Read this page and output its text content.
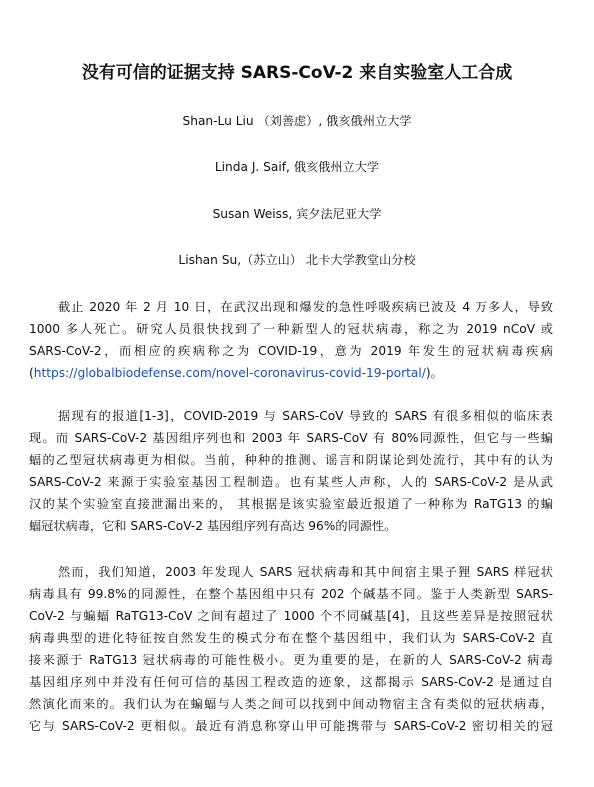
没有可信的证据支持 SARS-CoV-2 来自实验室人工合成
Shan-Lu Liu （刘善虑）, 俄亥俄州立大学
Linda J. Saif, 俄亥俄州立大学
Susan Weiss, 宾夕法尼亚大学
Lishan Su,（苏立山） 北卡大学教堂山分校
截止 2020 年 2 月 10 日，在武汉出现和爆发的急性呼吸疾病已波及 4 万多人，导致
1000 多人死亡。研究人员很快找到了一种新型人的冠状病毒，称之为 2019 nCoV 或
SARS-CoV-2，而相应的疾病称之为 COVID-19，意为 2019 年发生的冠状病毒疾病
(https://globalbiodefense.com/novel-coronavirus-covid-19-portal/)。
据现有的报道[1-3]，COVID-2019 与 SARS-CoV 导致的 SARS 有很多相似的临床表
现。而 SARS-CoV-2 基因组序列也和 2003 年 SARS-CoV 有 80%同源性，但它与一些蝙
蝠的乙型冠状病毒更为相似。当前，种种的推测、谣言和阴谋论到处流行，其中有的认为
SARS-CoV-2 来源于实验室基因工程制造。也有某些人声称，人的 SARS-CoV-2 是从武
汉的某个实验室直接泄漏出来的， 其根据是该实验室最近报道了一种称为 RaTG13 的蝙
蝠冠状病毒，它和 SARS-CoV-2 基因组序列有高达 96%的同源性。
然而，我们知道，2003 年发现人 SARS 冠状病毒和其中间宿主果子狸 SARS 样冠状
病毒具有 99.8%的同源性，在整个基因组中只有 202 个碱基不同。鉴于人类新型 SARS-
CoV-2 与蝙蝠 RaTG13-CoV 之间有超过了 1000 个不同碱基[4]，且这些差异是按照冠状
病毒典型的进化特征按自然发生的模式分布在整个基因组中，我们认为 SARS-CoV-2 直
接来源于 RaTG13 冠状病毒的可能性极小。更为重要的是，在新的人 SARS-CoV-2 病毒
基因组序列中并没有任何可信的基因工程改造的迹象，这都揭示 SARS-CoV-2 是通过自
然演化而来的。我们认为在蝙蝠与人类之间可以找到中间动物宿主含有类似的冠状病毒，
它与 SARS-CoV-2 更相似。最近有消息称穿山甲可能携带与 SARS-CoV-2 密切相关的冠
